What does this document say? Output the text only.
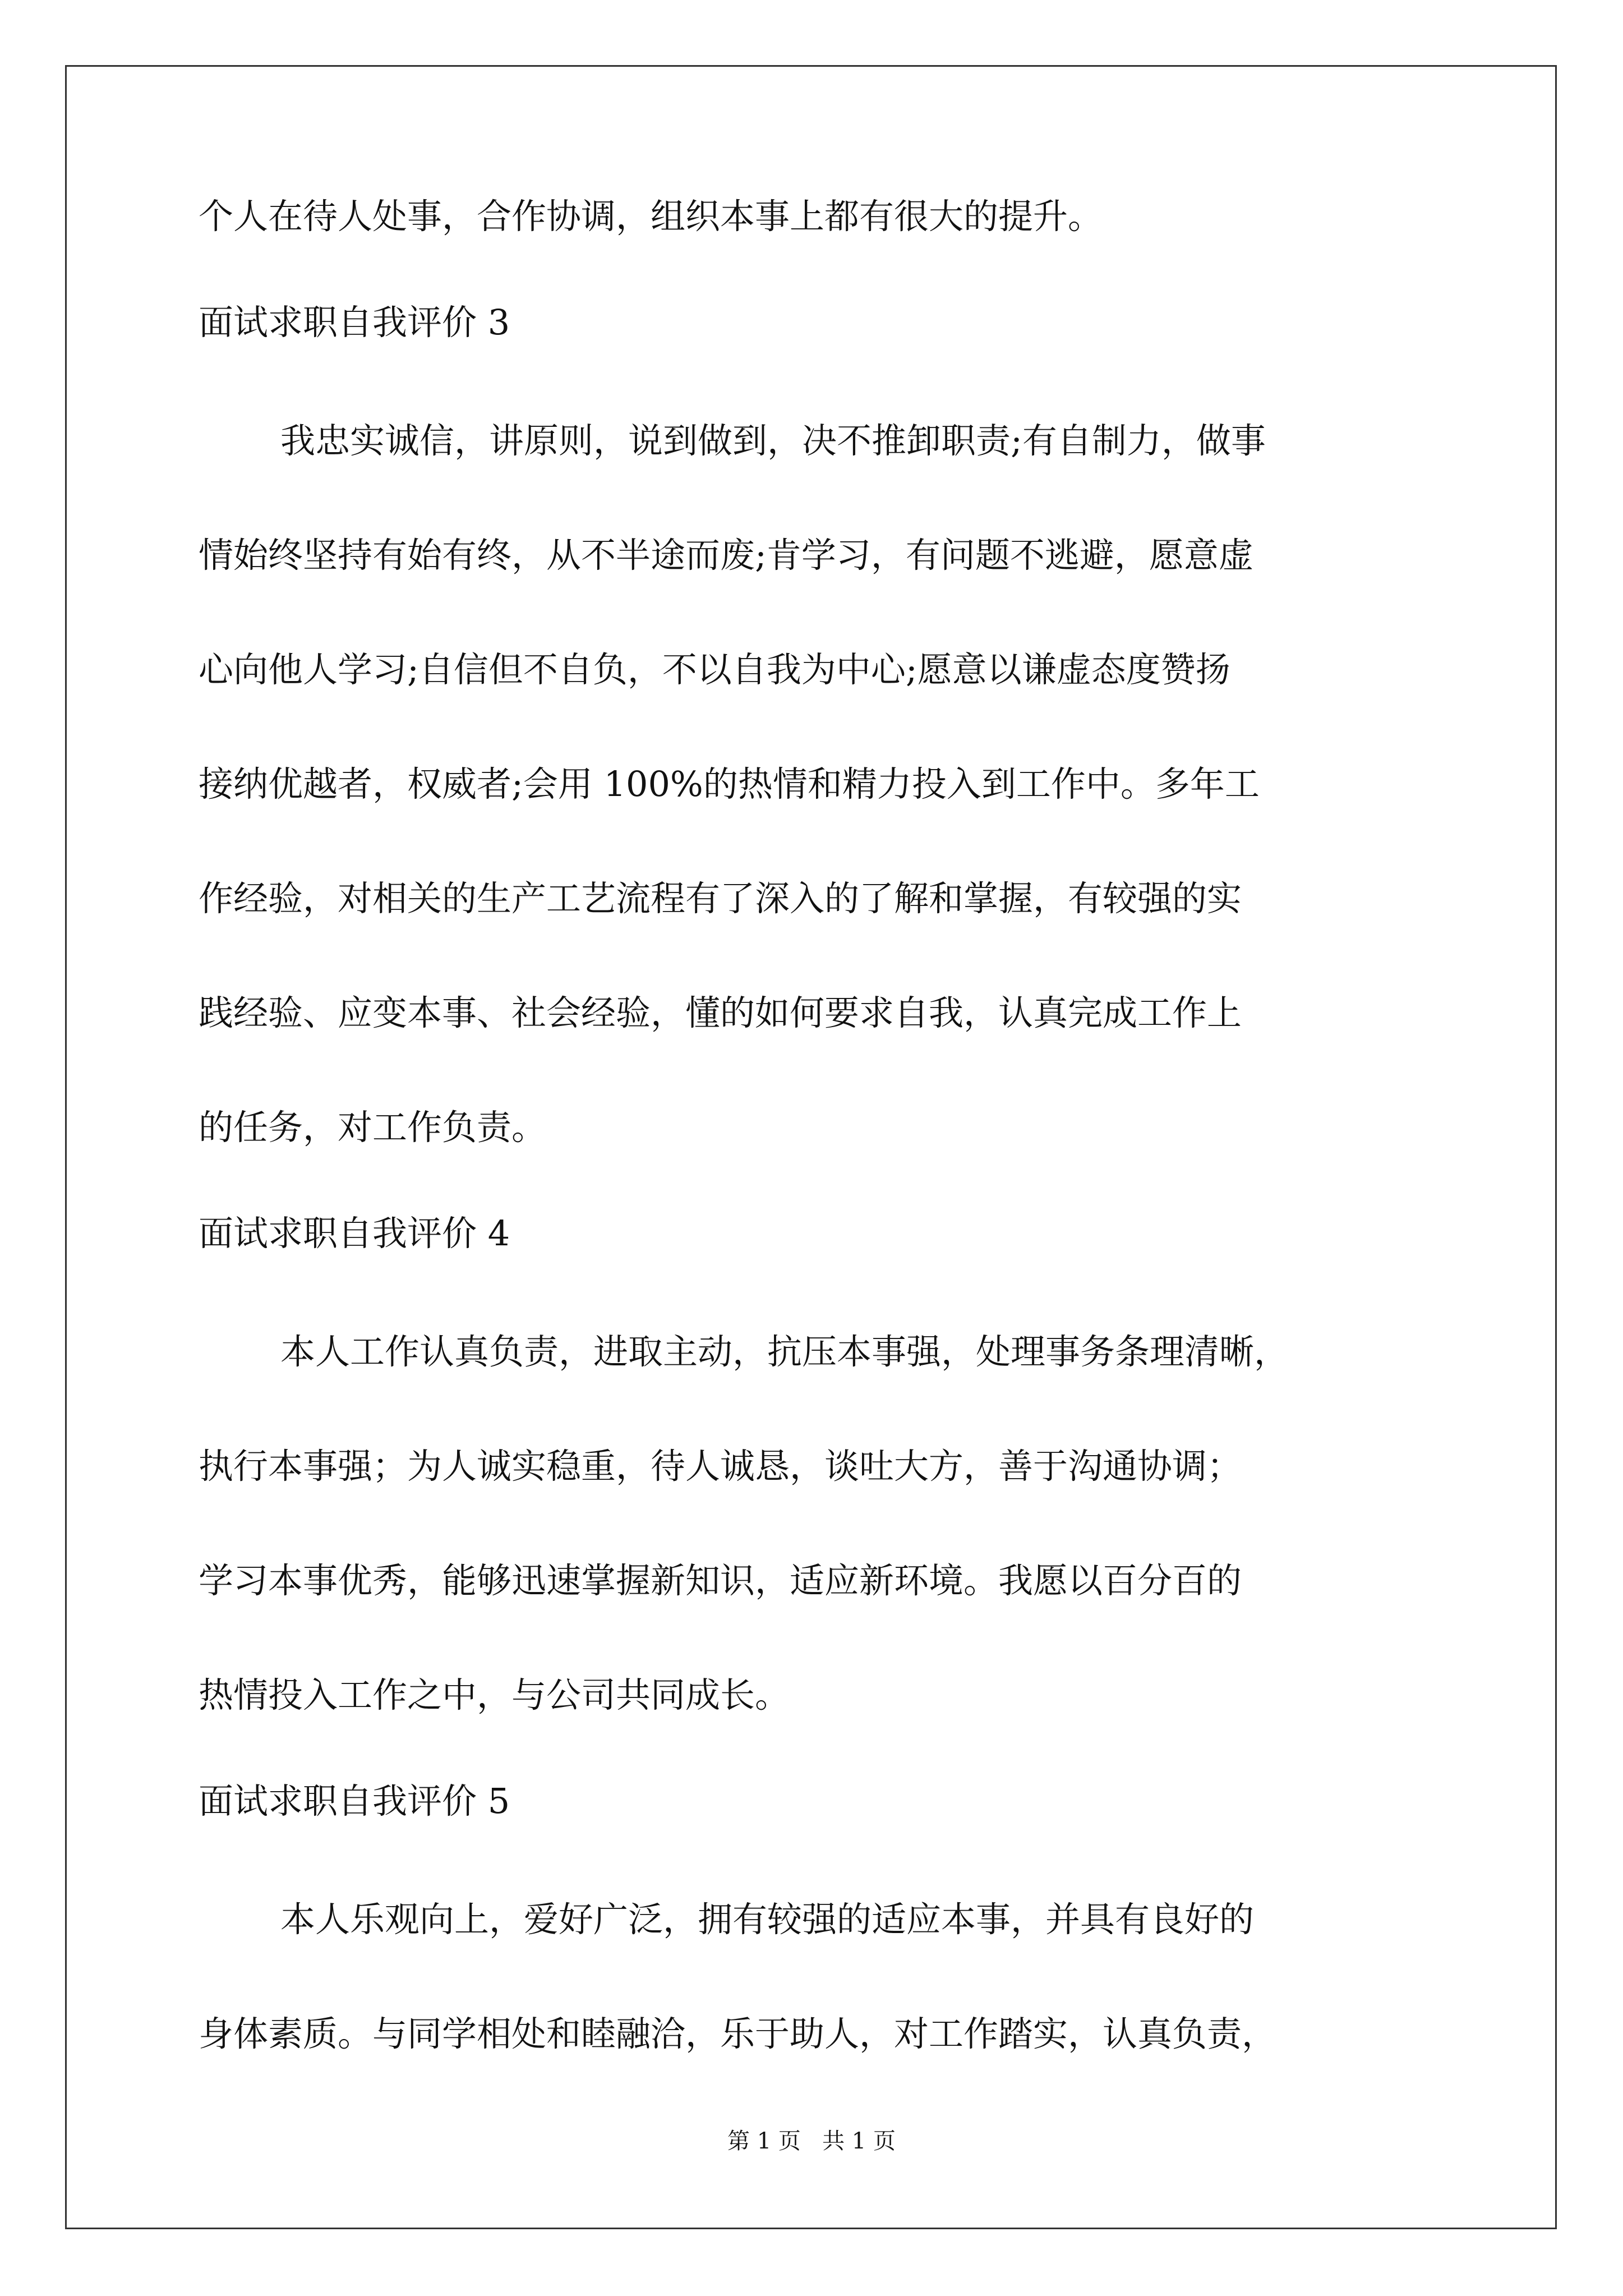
个人在待人处事，合作协调，组织本事上都有很大的提升。
面试求职自我评价 3
我忠实诚信，讲原则，说到做到，决不推卸职责;有自制力，做事
情始终坚持有始有终，从不半途而废;肯学习，有问题不逃避，愿意虚
心向他人学习;自信但不自负，不以自我为中心;愿意以谦虚态度赞扬
接纳优越者，权威者;会用 100%的热情和精力投入到工作中。多年工
作经验，对相关的生产工艺流程有了深入的了解和掌握，有较强的实
践经验、应变本事、社会经验，懂的如何要求自我，认真完成工作上
的任务，对工作负责。
面试求职自我评价 4
本人工作认真负责，进取主动，抗压本事强，处理事务条理清晰，
执行本事强；为人诚实稳重，待人诚恳，谈吐大方，善于沟通协调；
学习本事优秀，能够迅速掌握新知识，适应新环境。我愿以百分百的
热情投入工作之中，与公司共同成长。
面试求职自我评价 5
本人乐观向上，爱好广泛，拥有较强的适应本事，并具有良好的
身体素质。与同学相处和睦融洽，乐于助人，对工作踏实，认真负责，
第 1 页   共 1 页
